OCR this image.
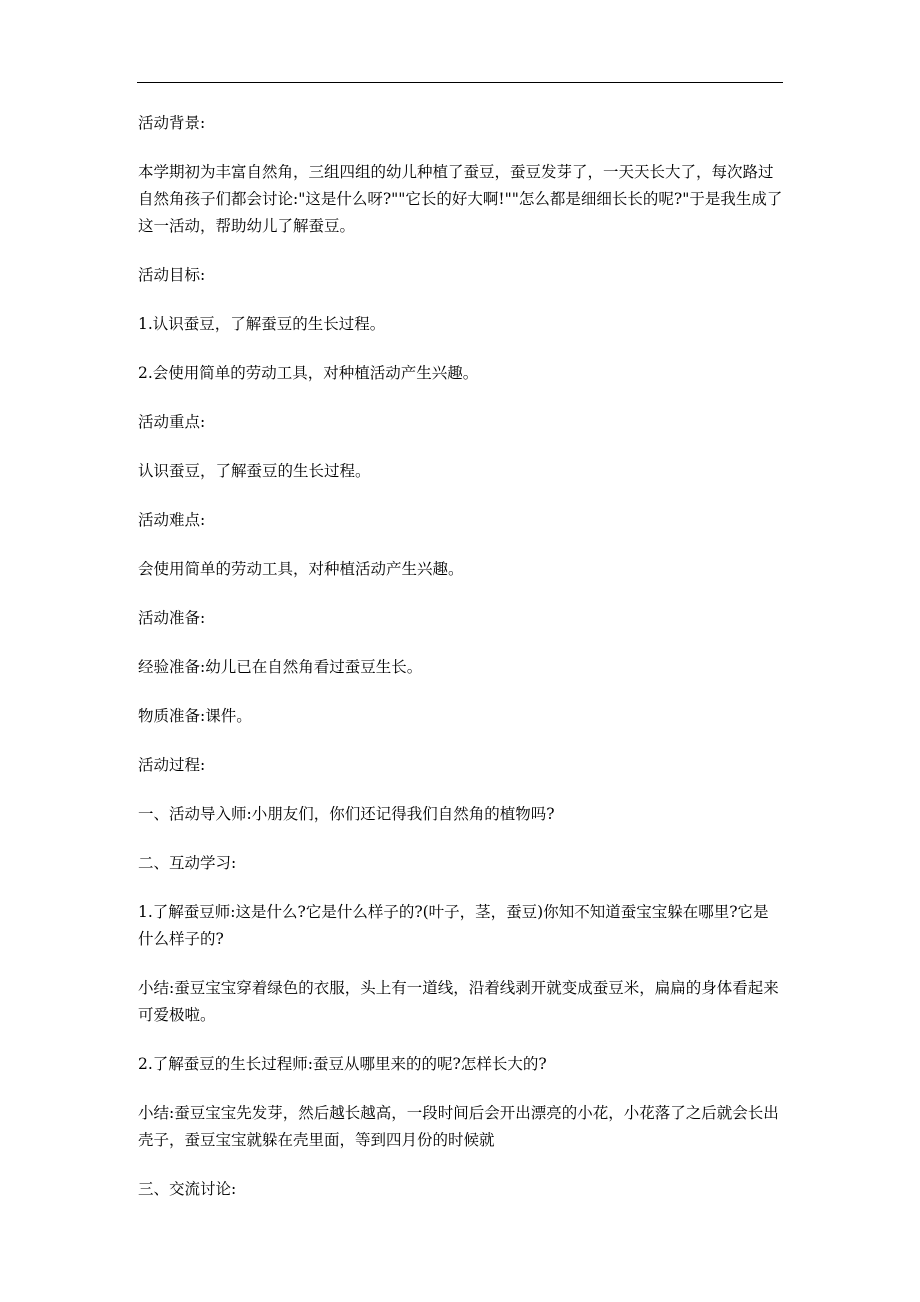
活动背景:

本学期初为丰富自然角，三组四组的幼儿种植了蚕豆，蚕豆发芽了，一天天长大了，每次路过自然角孩子们都会讨论:"这是什么呀?""它长的好大啊!""怎么都是细细长长的呢?"于是我生成了这一活动，帮助幼儿了解蚕豆。

活动目标:

1.认识蚕豆，了解蚕豆的生长过程。

2.会使用简单的劳动工具，对种植活动产生兴趣。

活动重点:

认识蚕豆，了解蚕豆的生长过程。

活动难点:

会使用简单的劳动工具，对种植活动产生兴趣。

活动准备:

经验准备:幼儿已在自然角看过蚕豆生长。

物质准备:课件。

活动过程:

一、活动导入师:小朋友们，你们还记得我们自然角的植物吗?

二、互动学习:

1.了解蚕豆师:这是什么?它是什么样子的?(叶子，茎，蚕豆)你知不知道蚕宝宝躲在哪里?它是什么样子的?

小结:蚕豆宝宝穿着绿色的衣服，头上有一道线，沿着线剥开就变成蚕豆米，扁扁的身体看起来可爱极啦。

2.了解蚕豆的生长过程师:蚕豆从哪里来的的呢?怎样长大的?

小结:蚕豆宝宝先发芽，然后越长越高，一段时间后会开出漂亮的小花，小花落了之后就会长出壳子，蚕豆宝宝就躲在壳里面，等到四月份的时候就

三、交流讨论:
